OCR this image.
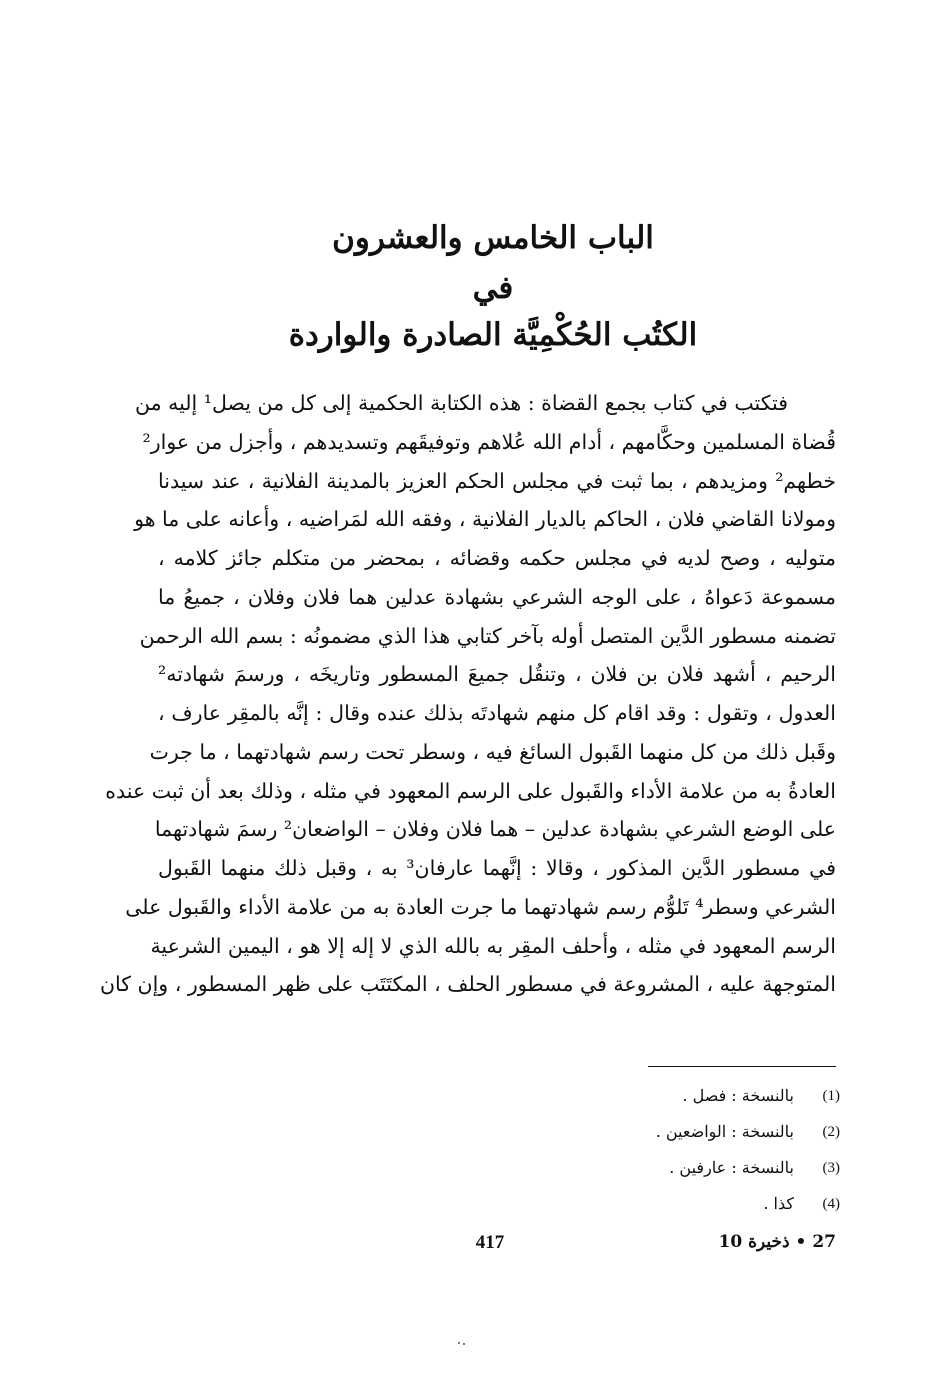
الباب الخامس والعشرون
في
الكتُب الحُكْمِيَّة الصادرة والواردة
فتكتب في كتاب بجمع القضاة : هذه الكتابة الحكمية إلى كل من يصل¹ إليه من
قُضاة المسلمين وحكَّامهم ، أدام الله عُلاهم وتوفيقَهم وتسديدهم ، وأجزل من عوار²
خطهم² ومزيدهم ، بما ثبت في مجلس الحكم العزيز بالمدينة الفلانية ، عند سيدنا
ومولانا القاضي فلان ، الحاكم بالديار الفلانية ، وفقه الله لمَراضيه ، وأعانه على ما هو
متوليه ، وصح لديه في مجلس حكمه وقضائه ، بمحضر من متكلم جائز كلامه ،
مسموعة دَعواهُ ، على الوجه الشرعي بشهادة عدلين هما فلان وفلان ، جميعُ ما
تضمنه مسطور الدَّين المتصل أوله بآخر كتابي هذا الذي مضمونُه : بسم الله الرحمن
الرحيم ، أشهد فلان بن فلان ، وتنقُل جميعَ المسطور وتاريخَه ، ورسمَ شهادته²
العدول ، وتقول : وقد اقام كل منهم شهادتَه بذلك عنده وقال : إنَّه بالمقِر عارف ،
وقَبل ذلك من كل منهما القَبول السائغ فيه ، وسطر تحت رسم شهادتهما ، ما جرت
العادةُ به من علامة الأداء والقَبول على الرسم المعهود في مثله ، وذلك بعد أن ثبت عنده
على الوضع الشرعي بشهادة عدلين – هما فلان وفلان – الواضعان² رسمَ شهادتهما
في مسطور الدَّين المذكور ، وقالا : إنَّهما عارفان³ به ، وقبل ذلك منهما القَبول
الشرعي وسطر⁴ تَلوُّم رسم شهادتهما ما جرت العادة به من علامة الأداء والقَبول على
الرسم المعهود في مثله ، وأحلف المقِر به بالله الذي لا إله إلا هو ، اليمين الشرعية
المتوجهة عليه ، المشروعة في مسطور الحلف ، المكتَتَب على ظهر المسطور ، وإن كان
(1)
بالنسخة : فصل .
(2)
بالنسخة : الواضعين .
(3)
بالنسخة : عارفين .
(4)
كذا .
417	27 • ذخيرة 10
